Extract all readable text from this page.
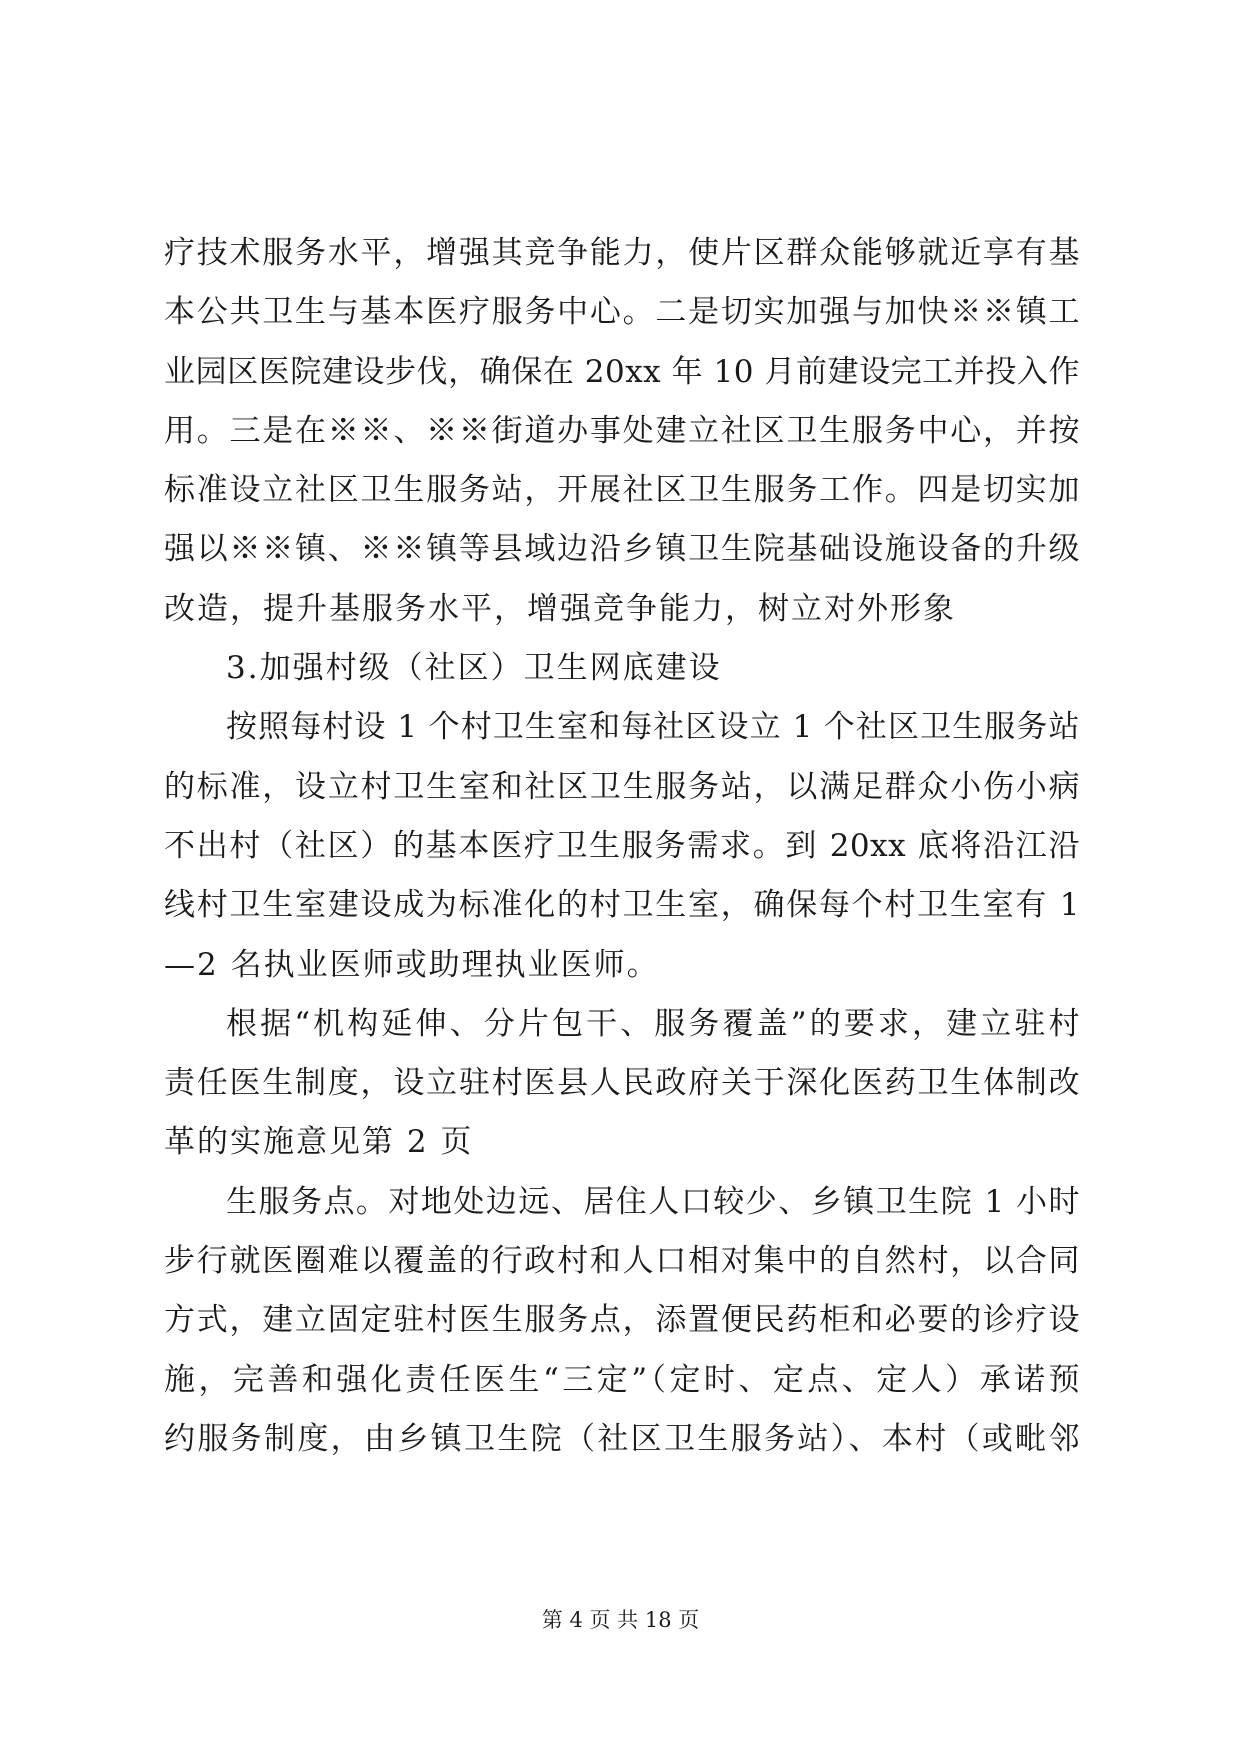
疗技术服务水平，增强其竞争能力，使片区群众能够就近享有基
本公共卫生与基本医疗服务中心。二是切实加强与加快※※镇工
业园区医院建设步伐，确保在 20xx 年 10 月前建设完工并投入作
用。三是在※※、※※街道办事处建立社区卫生服务中心，并按
标准设立社区卫生服务站，开展社区卫生服务工作。四是切实加
强以※※镇、※※镇等县域边沿乡镇卫生院基础设施设备的升级
改造，提升基服务水平，增强竞争能力，树立对外形象
3.加强村级（社区）卫生网底建设
按照每村设 1 个村卫生室和每社区设立 1 个社区卫生服务站
的标准，设立村卫生室和社区卫生服务站，以满足群众小伤小病
不出村（社区）的基本医疗卫生服务需求。到 20xx 底将沿江沿
线村卫生室建设成为标准化的村卫生室，确保每个村卫生室有 1
—2 名执业医师或助理执业医师。
根据“机构延伸、分片包干、服务覆盖”的要求，建立驻村
责任医生制度，设立驻村医县人民政府关于深化医药卫生体制改
革的实施意见第 2 页
生服务点。对地处边远、居住人口较少、乡镇卫生院 1 小时
步行就医圈难以覆盖的行政村和人口相对集中的自然村，以合同
方式，建立固定驻村医生服务点，添置便民药柜和必要的诊疗设
施，完善和强化责任医生“三定”（定时、定点、定人）承诺预
约服务制度，由乡镇卫生院（社区卫生服务站）、本村（或毗邻
第 4 页 共 18 页
